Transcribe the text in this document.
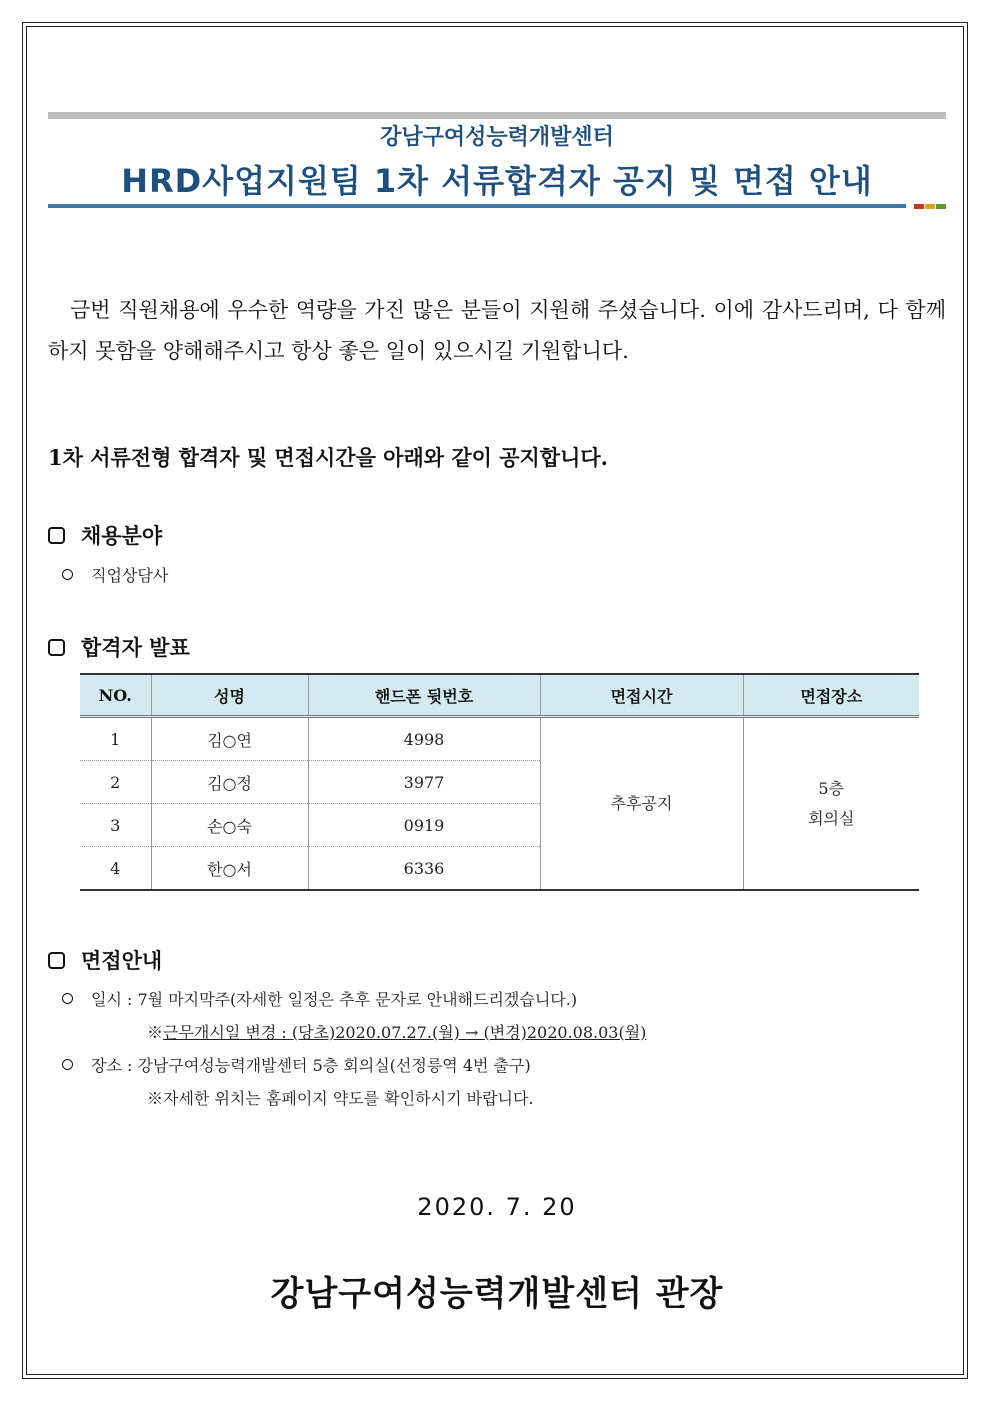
강남구여성능력개발센터
HRD사업지원팀 1차 서류합격자 공지 및 면접 안내
금번 직원채용에 우수한 역량을 가진 많은 분들이 지원해 주셨습니다. 이에 감사드리며, 다 함께 하지 못함을 양해해주시고 항상 좋은 일이 있으시길 기원합니다.
1차 서류전형 합격자 및 면접시간을 아래와 같이 공지합니다.
채용분야
직업상담사
합격자 발표
NO.	성명	핸드폰 뒷번호	면접시간	면접장소
1	김○연	4998	추후공지	5층
회의실

2	김○정	3977		
3	손○숙	0919		
4	한○서	6336		
면접안내
일시 : 7월 마지막주(자세한 일정은 추후 문자로 안내해드리겠습니다.)
※근무개시일 변경 : (당초)2020.07.27.(월) → (변경)2020.08.03(월)
장소 : 강남구여성능력개발센터 5층 회의실(선정릉역 4번 출구)
※자세한 위치는 홈페이지 약도를 확인하시기 바랍니다.
2020. 7. 20
강남구여성능력개발센터 관장
